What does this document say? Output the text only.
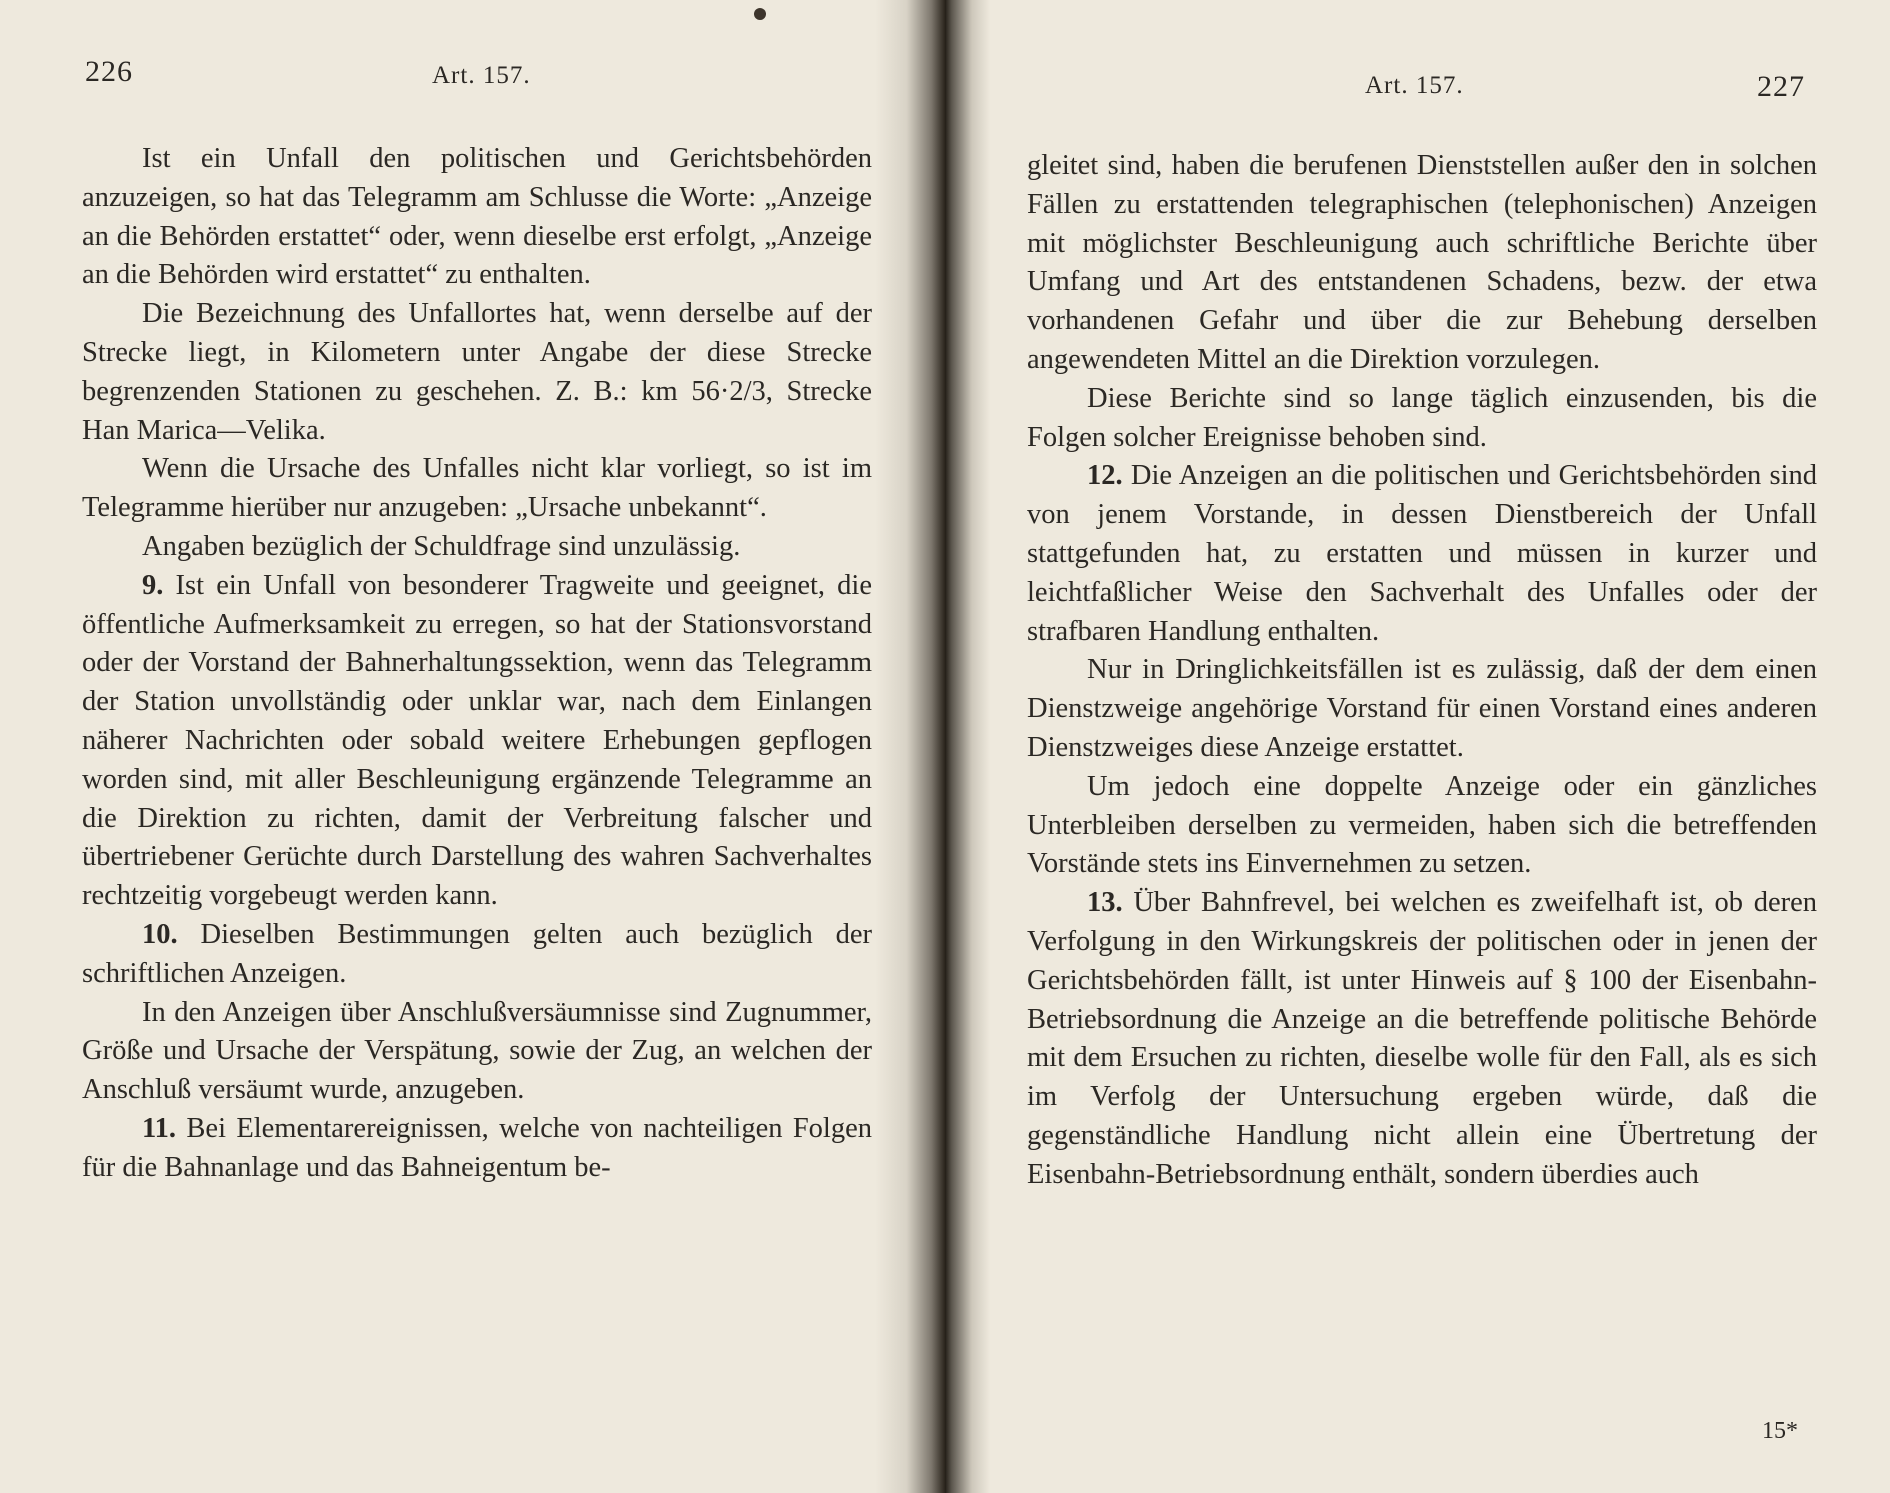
226	Art. 157.

Ist ein Unfall den politischen und Gerichtsbehörden anzuzeigen, so hat das Telegramm am Schlusse die Worte: „Anzeige an die Behörden erstattet“ oder, wenn dieselbe erst erfolgt, „Anzeige an die Behörden wird erstattet“ zu enthalten.

Die Bezeichnung des Unfallortes hat, wenn derselbe auf der Strecke liegt, in Kilometern unter Angabe der diese Strecke begrenzenden Stationen zu geschehen. Z. B.: km 56·2/3, Strecke Han Marica—Velika.

Wenn die Ursache des Unfalles nicht klar vorliegt, so ist im Telegramme hierüber nur anzugeben: „Ursache unbekannt“.

Angaben bezüglich der Schuldfrage sind unzulässig.

9. Ist ein Unfall von besonderer Tragweite und geeignet, die öffentliche Aufmerksamkeit zu erregen, so hat der Stationsvorstand oder der Vorstand der Bahnerhaltungssektion, wenn das Telegramm der Station unvollständig oder unklar war, nach dem Einlangen näherer Nachrichten oder sobald weitere Erhebungen gepflogen worden sind, mit aller Beschleunigung ergänzende Telegramme an die Direktion zu richten, damit der Verbreitung falscher und übertriebener Gerüchte durch Darstellung des wahren Sachverhaltes rechtzeitig vorgebeugt werden kann.

10. Dieselben Bestimmungen gelten auch bezüglich der schriftlichen Anzeigen.

In den Anzeigen über Anschlußversäumnisse sind Zugnummer, Größe und Ursache der Verspätung, sowie der Zug, an welchen der Anschluß versäumt wurde, anzugeben.

11. Bei Elementarereignissen, welche von nachteiligen Folgen für die Bahnanlage und das Bahneigentum be-

Art. 157.	227

gleitet sind, haben die berufenen Dienststellen außer den in solchen Fällen zu erstattenden telegraphischen (telephonischen) Anzeigen mit möglichster Beschleunigung auch schriftliche Berichte über Umfang und Art des entstandenen Schadens, bezw. der etwa vorhandenen Gefahr und über die zur Behebung derselben angewendeten Mittel an die Direktion vorzulegen.

Diese Berichte sind so lange täglich einzusenden, bis die Folgen solcher Ereignisse behoben sind.

12. Die Anzeigen an die politischen und Gerichtsbehörden sind von jenem Vorstande, in dessen Dienstbereich der Unfall stattgefunden hat, zu erstatten und müssen in kurzer und leichtfaßlicher Weise den Sachverhalt des Unfalles oder der strafbaren Handlung enthalten.

Nur in Dringlichkeitsfällen ist es zulässig, daß der dem einen Dienstzweige angehörige Vorstand für einen Vorstand eines anderen Dienstzweiges diese Anzeige erstattet.

Um jedoch eine doppelte Anzeige oder ein gänzliches Unterbleiben derselben zu vermeiden, haben sich die betreffenden Vorstände stets ins Einvernehmen zu setzen.

13. Über Bahnfrevel, bei welchen es zweifelhaft ist, ob deren Verfolgung in den Wirkungskreis der politischen oder in jenen der Gerichtsbehörden fällt, ist unter Hinweis auf § 100 der Eisenbahn-Betriebsordnung die Anzeige an die betreffende politische Behörde mit dem Ersuchen zu richten, dieselbe wolle für den Fall, als es sich im Verfolg der Untersuchung ergeben würde, daß die gegenständliche Handlung nicht allein eine Übertretung der Eisenbahn-Betriebsordnung enthält, sondern überdies auch

15*
